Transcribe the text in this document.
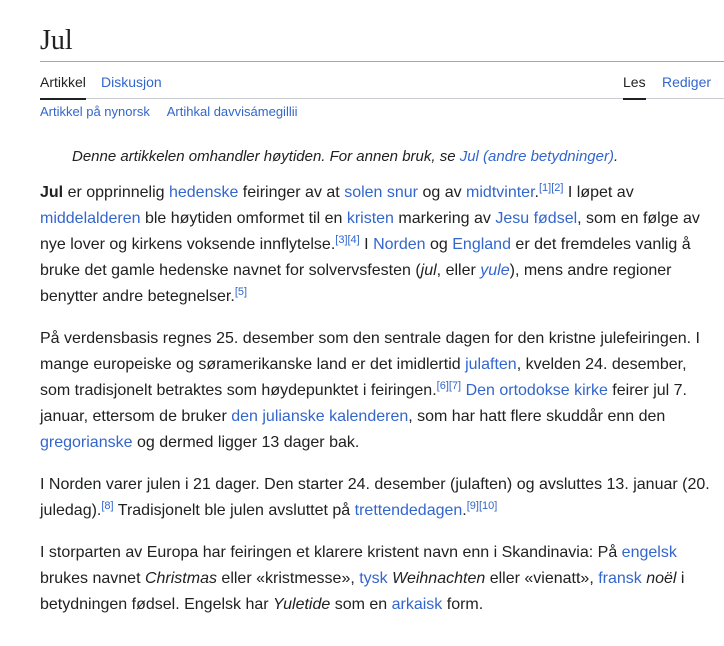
Jul
Artikkel Diskusjon	Les Rediger
Artikkel på nynorsk Artihkal davvisámegillii
Denne artikkelen omhandler høytiden. For annen bruk, se Jul (andre betydninger).

Jul er opprinnelig hedenske feiringer av at solen snur og av midtvinter.[1][2] I løpet av middelalderen ble høytiden omformet til en kristen markering av Jesu fødsel, som en følge av nye lover og kirkens voksende innflytelse.[3][4] I Norden og England er det fremdeles vanlig å bruke det gamle hedenske navnet for solvervsfesten (jul, eller yule), mens andre regioner benytter andre betegnelser.[5]

På verdensbasis regnes 25. desember som den sentrale dagen for den kristne julefeiringen. I mange europeiske og søramerikanske land er det imidlertid julaften, kvelden 24. desember, som tradisjonelt betraktes som høydepunktet i feiringen.[6][7] Den ortodokse kirke feirer jul 7. januar, ettersom de bruker den julianske kalenderen, som har hatt flere skuddår enn den gregorianske og dermed ligger 13 dager bak.

I Norden varer julen i 21 dager. Den starter 24. desember (julaften) og avsluttes 13. januar (20. juledag).[8] Tradisjonelt ble julen avsluttet på trettendedagen.[9][10]

I storparten av Europa har feiringen et klarere kristent navn enn i Skandinavia: På engelsk brukes navnet Christmas eller «kristmesse», tysk Weihnachten eller «vienatt», fransk noël i betydningen fødsel. Engelsk har Yuletide som en arkaisk form.
